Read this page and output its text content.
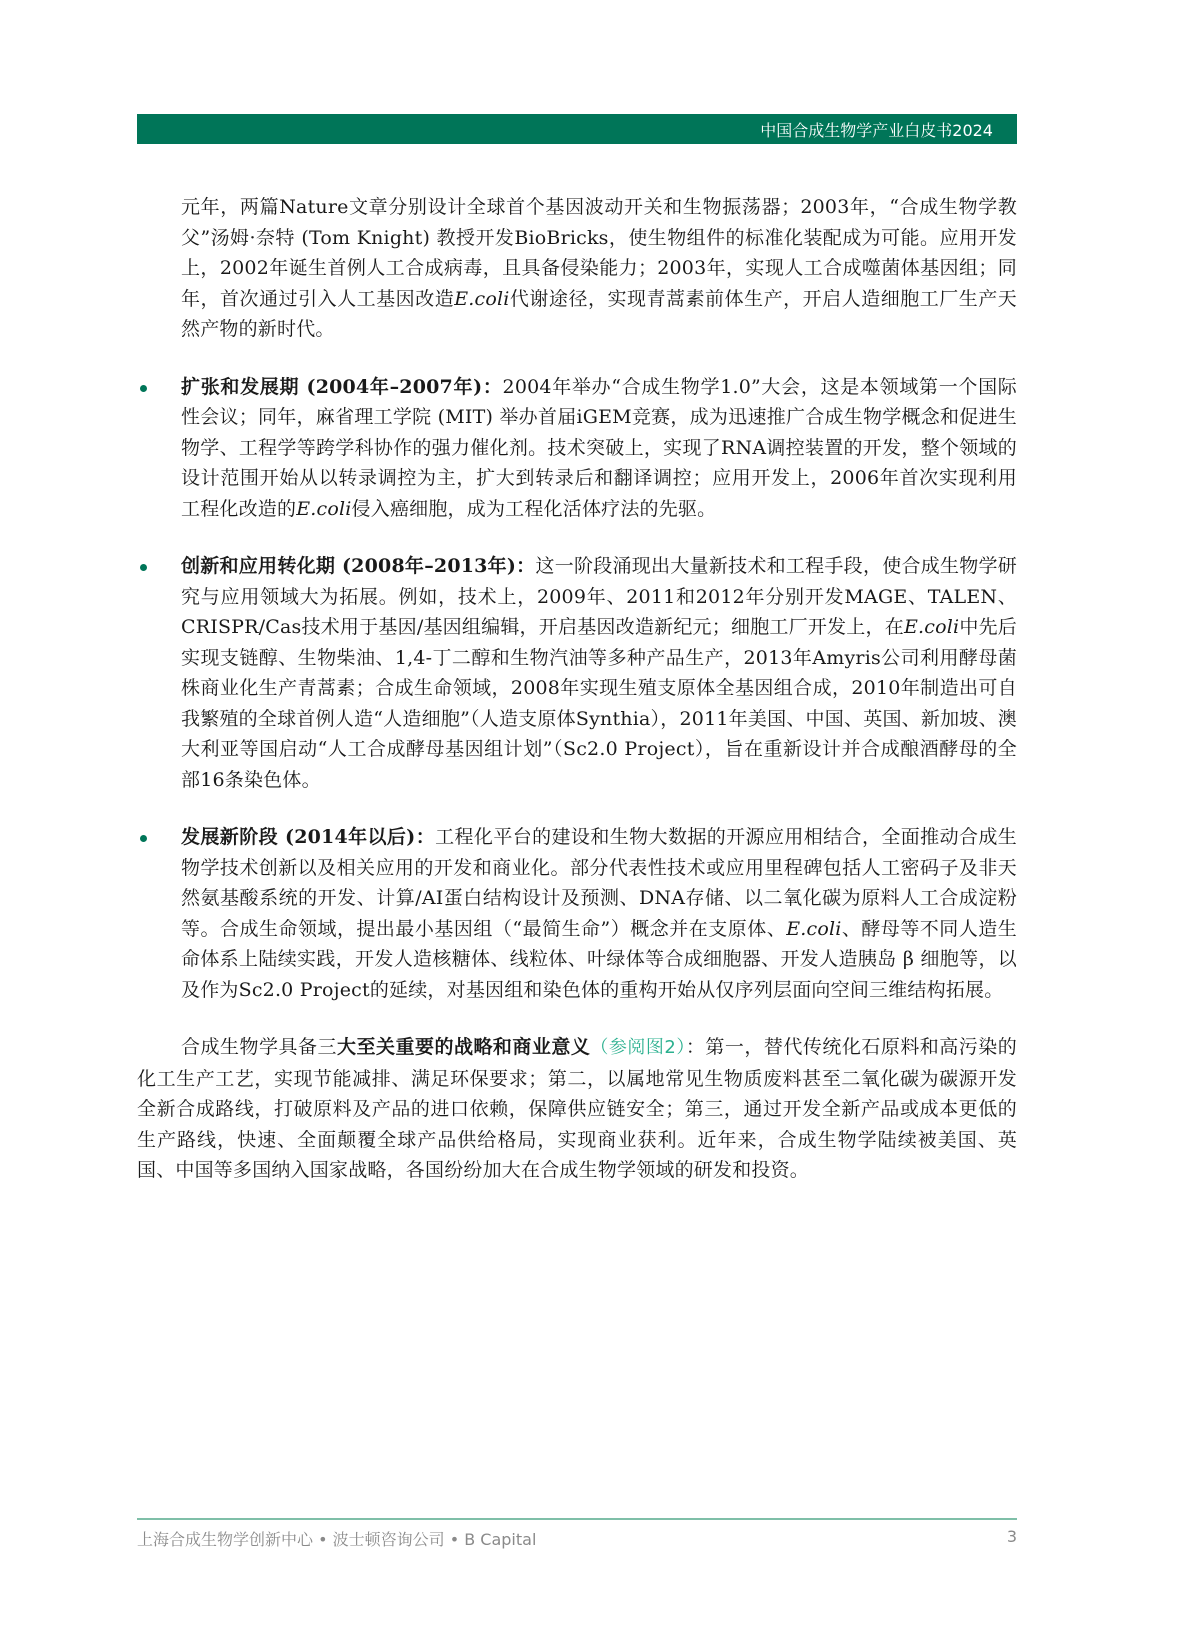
中国合成生物学产业白皮书2024

元年，两篇Nature文章分别设计全球首个基因波动开关和生物振荡器；2003年，“合成生物学教父”汤姆·奈特 (Tom Knight) 教授开发BioBricks，使生物组件的标准化装配成为可能。应用开发上，2002年诞生首例人工合成病毒，且具备侵染能力；2003年，实现人工合成噬菌体基因组；同年，首次通过引入人工基因改造E.coli代谢途径，实现青蒿素前体生产，开启人造细胞工厂生产天然产物的新时代。

扩张和发展期 (2004年–2007年)：2004年举办“合成生物学1.0”大会，这是本领域第一个国际性会议；同年，麻省理工学院 (MIT) 举办首届iGEM竞赛，成为迅速推广合成生物学概念和促进生物学、工程学等跨学科协作的强力催化剂。技术突破上，实现了RNA调控装置的开发，整个领域的设计范围开始从以转录调控为主，扩大到转录后和翻译调控；应用开发上，2006年首次实现利用工程化改造的E.coli侵入癌细胞，成为工程化活体疗法的先驱。
创新和应用转化期 (2008年–2013年)：这一阶段涌现出大量新技术和工程手段，使合成生物学研究与应用领域大为拓展。例如，技术上，2009年、2011和2012年分别开发MAGE、TALEN、CRISPR/Cas技术用于基因/基因组编辑，开启基因改造新纪元；细胞工厂开发上，在E.coli中先后实现支链醇、生物柴油、1,4-丁二醇和生物汽油等多种产品生产，2013年Amyris公司利用酵母菌株商业化生产青蒿素；合成生命领域，2008年实现生殖支原体全基因组合成，2010年制造出可自我繁殖的全球首例人造“人造细胞”（人造支原体Synthia），2011年美国、中国、英国、新加坡、澳大利亚等国启动“人工合成酵母基因组计划”（Sc2.0 Project），旨在重新设计并合成酿酒酵母的全部16条染色体。
发展新阶段 (2014年以后)：工程化平台的建设和生物大数据的开源应用相结合，全面推动合成生物学技术创新以及相关应用的开发和商业化。部分代表性技术或应用里程碑包括人工密码子及非天然氨基酸系统的开发、计算/AI蛋白结构设计及预测、DNA存储、以二氧化碳为原料人工合成淀粉等。合成生命领域，提出最小基因组（“最简生命”）概念并在支原体、E.coli、酵母等不同人造生命体系上陆续实践，开发人造核糖体、线粒体、叶绿体等合成细胞器、开发人造胰岛 β 细胞等，以及作为Sc2.0 Project的延续，对基因组和染色体的重构开始从仅序列层面向空间三维结构拓展。

合成生物学具备三大至关重要的战略和商业意义（参阅图2）：第一，替代传统化石原料和高污染的化工生产工艺，实现节能减排、满足环保要求；第二，以属地常见生物质废料甚至二氧化碳为碳源开发全新合成路线，打破原料及产品的进口依赖，保障供应链安全；第三，通过开发全新产品或成本更低的生产路线，快速、全面颠覆全球产品供给格局，实现商业获利。近年来，合成生物学陆续被美国、英国、中国等多国纳入国家战略，各国纷纷加大在合成生物学领域的研发和投资。

上海合成生物学创新中心 • 波士顿咨询公司 • B Capital	3
